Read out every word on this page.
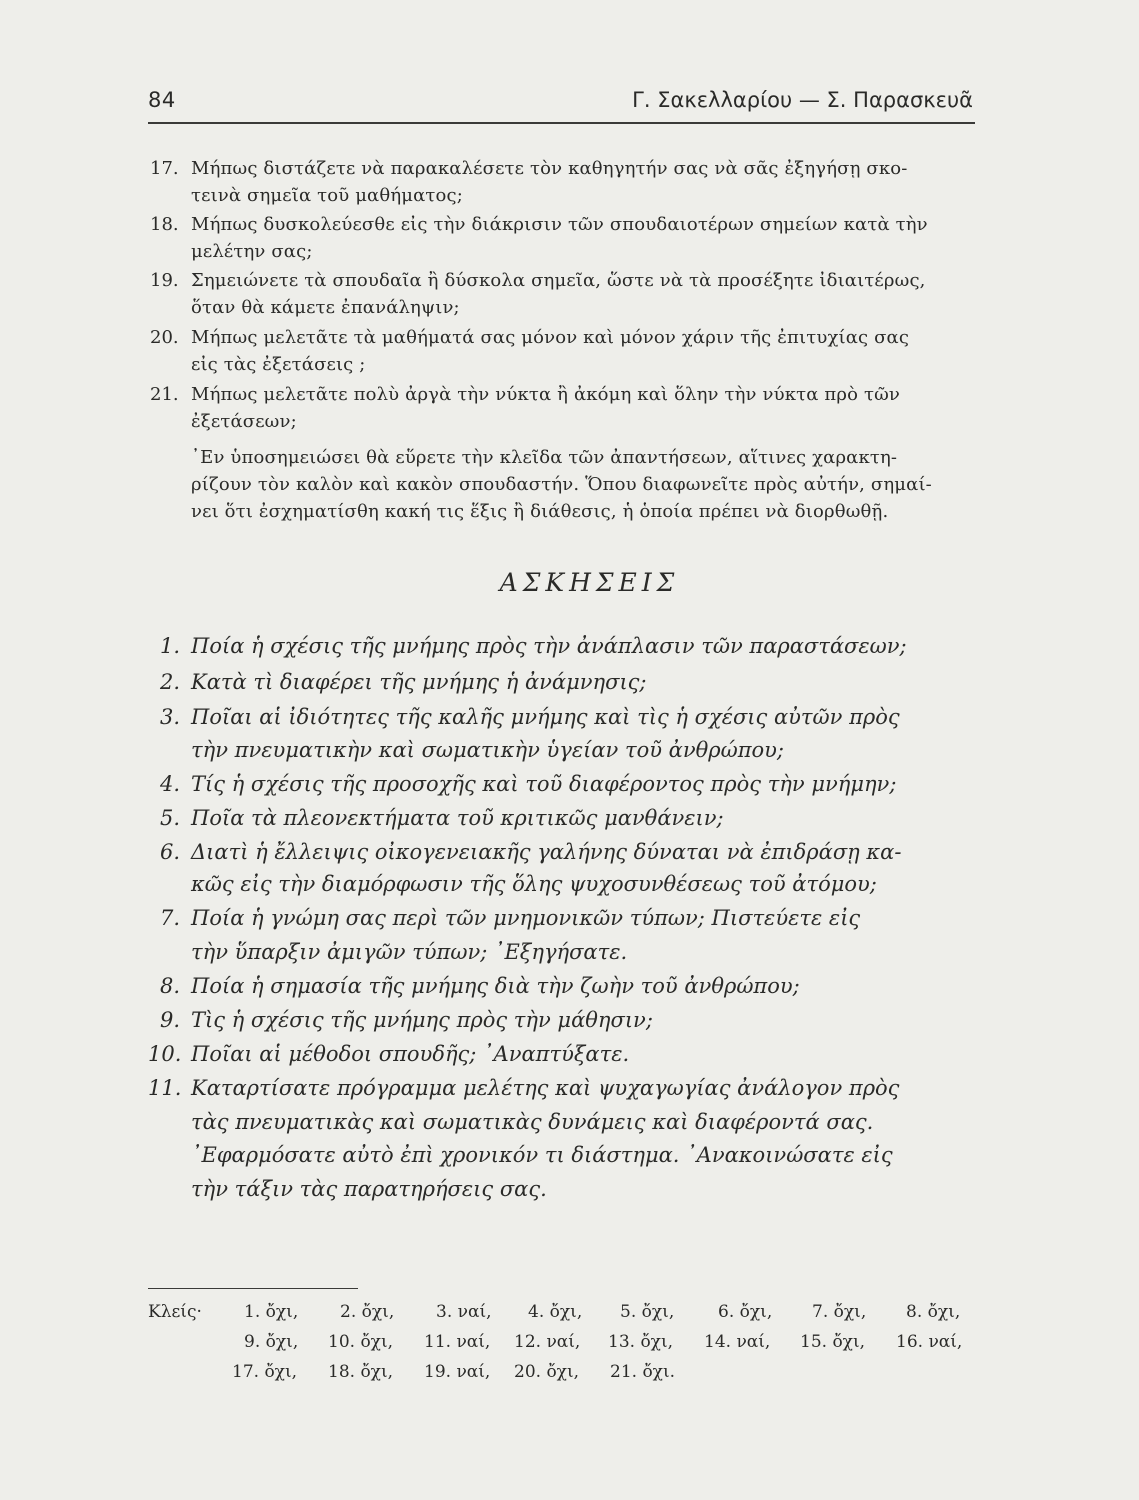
84	Γ. Σακελλαρίου — Σ. Παρασκευᾶ
17. Μήπως διστάζετε νὰ παρακαλέσετε τὸν καθηγητήν σας νὰ σᾶς ἐξηγήσῃ σκο-
τεινὰ σημεῖα τοῦ μαθήματος;
18. Μήπως δυσκολεύεσθε εἰς τὴν διάκρισιν τῶν σπουδαιοτέρων σημείων κατὰ τὴν
μελέτην σας;
19. Σημειώνετε τὰ σπουδαῖα ἢ δύσκολα σημεῖα, ὥστε νὰ τὰ προσέξητε ἰδιαιτέρως,
ὅταν θὰ κάμετε ἐπανάληψιν;
20. Μήπως μελετᾶτε τὰ μαθήματά σας μόνον καὶ μόνον χάριν τῆς ἐπιτυχίας σας
εἰς τὰς ἐξετάσεις ;
21. Μήπως μελετᾶτε πολὺ ἀργὰ τὴν νύκτα ἢ ἀκόμη καὶ ὅλην τὴν νύκτα πρὸ τῶν
ἐξετάσεων;
᾿Εν ὑποσημειώσει θὰ εὕρετε τὴν κλεῖδα τῶν ἀπαντήσεων, αἵτινες χαρακτη-
ρίζουν τὸν καλὸν καὶ κακὸν σπουδαστήν. Ὅπου διαφωνεῖτε πρὸς αὐτήν, σημαί-
νει ὅτι ἐσχηματίσθη κακή τις ἕξις ἢ διάθεσις, ἡ ὁποία πρέπει νὰ διορθωθῇ.
ΑΣΚΗΣΕΙΣ
1. Ποία ἡ σχέσις τῆς μνήμης πρὸς τὴν ἀνάπλασιν τῶν παραστάσεων;
2. Κατὰ τὶ διαφέρει τῆς μνήμης ἡ ἀνάμνησις;
3. Ποῖαι αἱ ἰδιότητες τῆς καλῆς μνήμης καὶ τὶς ἡ σχέσις αὐτῶν πρὸς
τὴν πνευματικὴν καὶ σωματικὴν ὑγείαν τοῦ ἀνθρώπου;
4. Τίς ἡ σχέσις τῆς προσοχῆς καὶ τοῦ διαφέροντος πρὸς τὴν μνήμην;
5. Ποῖα τὰ πλεονεκτήματα τοῦ κριτικῶς μανθάνειν;
6. Διατὶ ἡ ἔλλειψις οἰκογενειακῆς γαλήνης δύναται νὰ ἐπιδράσῃ κα-
κῶς εἰς τὴν διαμόρφωσιν τῆς ὅλης ψυχοσυνθέσεως τοῦ ἀτόμου;
7. Ποία ἡ γνώμη σας περὶ τῶν μνημονικῶν τύπων; Πιστεύετε εἰς
τὴν ὕπαρξιν ἀμιγῶν τύπων; ᾿Εξηγήσατε.
8. Ποία ἡ σημασία τῆς μνήμης διὰ τὴν ζωὴν τοῦ ἀνθρώπου;
9. Τὶς ἡ σχέσις τῆς μνήμης πρὸς τὴν μάθησιν;
10. Ποῖαι αἱ μέθοδοι σπουδῆς; ᾿Αναπτύξατε.
11. Καταρτίσατε πρόγραμμα μελέτης καὶ ψυχαγωγίας ἀνάλογον πρὸς
τὰς πνευματικὰς καὶ σωματικὰς δυνάμεις καὶ διαφέροντά σας.
᾿Εφαρμόσατε αὐτὸ ἐπὶ χρονικόν τι διάστημα. ᾿Ανακοινώσατε εἰς
τὴν τάξιν τὰς παρατηρήσεις σας.
Κλείς· 1. ὄχι, 2. ὄχι, 3. ναί, 4. ὄχι, 5. ὄχι,	6. ὄχι, 7. ὄχι, 8. ὄχι,
9. ὄχι, 10. ὄχι, 11. ναί, 12. ναί, 13. ὄχι, 14. ναί, 15. ὄχι, 16. ναί,
17. ὄχι, 18. ὄχι, 19. ναί, 20. ὄχι, 21. ὄχι.
